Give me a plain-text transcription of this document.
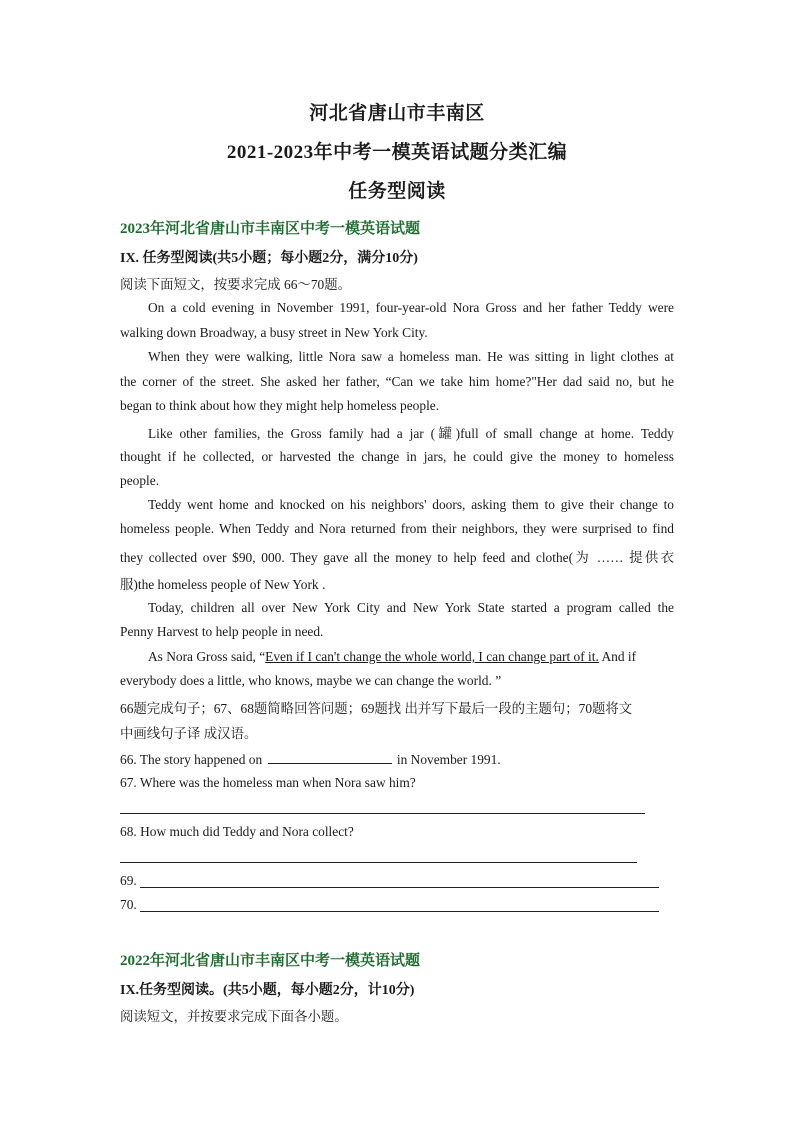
河北省唐山市丰南区
2021-2023年中考一模英语试题分类汇编
任务型阅读
2023年河北省唐山市丰南区中考一模英语试题
IX. 任务型阅读(共5小题；每小题2分，满分10分)
阅读下面短文，按要求完成 66～70题。
On a cold evening in November 1991, four-year-old Nora Gross and her father Teddy were
walking down Broadway, a busy street in New York City.
When they were walking, little Nora saw a homeless man. He was sitting in light clothes at
the corner of the street. She asked her father, “Can we take him home?"Her dad said no, but he
began to think about how they might help homeless people.
Like other families, the Gross family had a jar (罐)full of small change at home. Teddy
thought if he collected, or harvested the change in jars, he could give the money to homeless
people.
Teddy went home and knocked on his neighbors' doors, asking them to give their change to
homeless people. When Teddy and Nora returned from their neighbors, they were surprised to find
they collected over $90, 000. They gave all the money to help feed and clothe(为 …… 提供衣
服)the homeless people of New York .
Today, children all over New York City and New York State started a program called the
Penny Harvest to help people in need.
As Nora Gross said, “Even if I can't change the whole world, I can change part of it. And if
everybody does a little, who knows, maybe we can change the world. ”
66题完成句子；67、68题简略回答问题；69题找 出并写下最后一段的主题句；70题将文
中画线句子译 成汉语。
66. The story happened on	in November 1991.
67. Where was the homeless man when Nora saw him?
68. How much did Teddy and Nora collect?
69.
70.
2022年河北省唐山市丰南区中考一模英语试题
IX.任务型阅读。(共5小题，每小题2分，计10分)
阅读短文，并按要求完成下面各小题。
